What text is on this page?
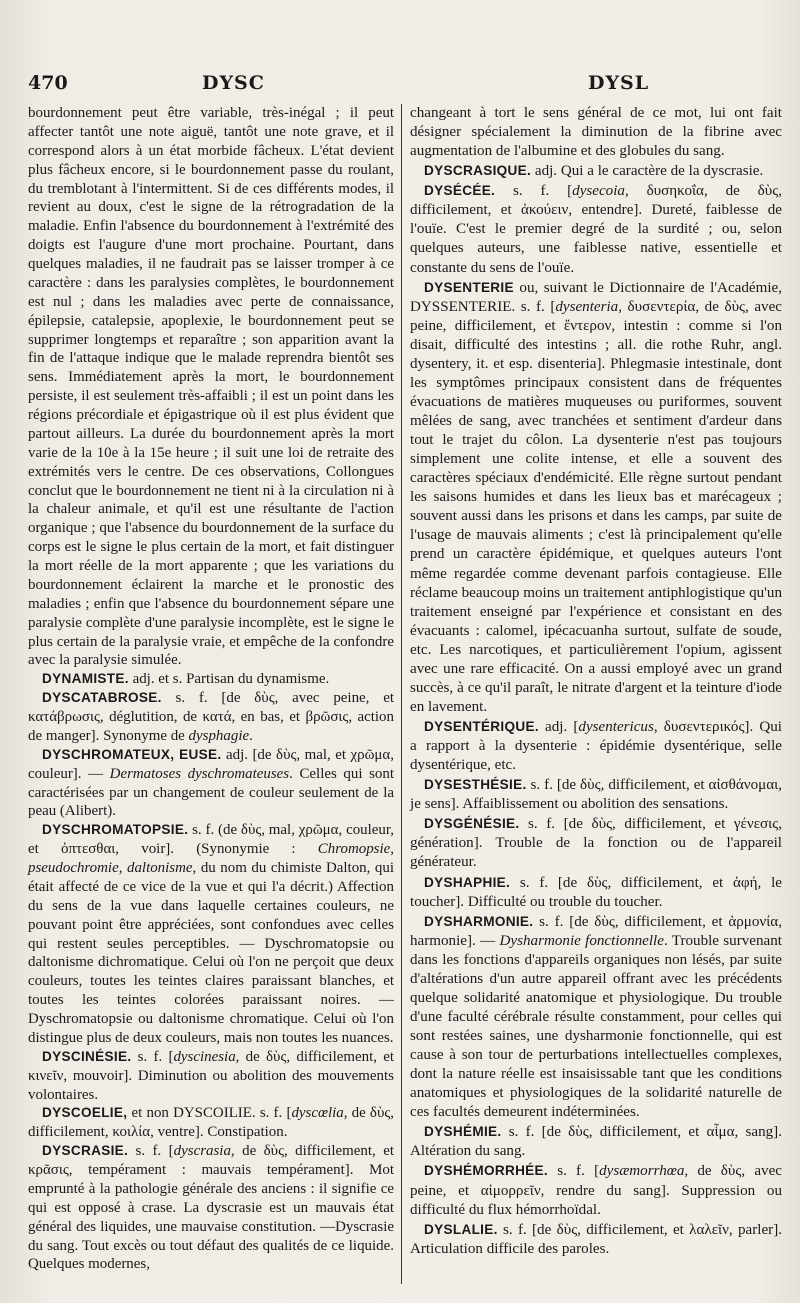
470	DYSC	DYSL

bourdonnement peut être variable, très-inégal ; il peut affecter tantôt une note aiguë, tantôt une note grave, et il correspond alors à un état morbide fâcheux. L'état devient plus fâcheux encore, si le bourdonnement passe du roulant, du tremblotant à l'intermittent. Si de ces différents modes, il revient au doux, c'est le signe de la rétrogradation de la maladie. Enfin l'absence du bourdonnement à l'extrémité des doigts est l'augure d'une mort prochaine. Pourtant, dans quelques maladies, il ne faudrait pas se laisser tromper à ce caractère : dans les paralysies complètes, le bourdonnement est nul ; dans les maladies avec perte de connaissance, épilepsie, catalepsie, apoplexie, le bourdonnement peut se supprimer longtemps et reparaître ; son apparition avant la fin de l'attaque indique que le malade reprendra bientôt ses sens. Immédiatement après la mort, le bourdonnement persiste, il est seulement très-affaibli ; il est un point dans les régions précordiale et épigastrique où il est plus évident que partout ailleurs. La durée du bourdonnement après la mort varie de la 10e à la 15e heure ; il suit une loi de retraite des extrémités vers le centre. De ces observations, Collongues conclut que le bourdonnement ne tient ni à la circulation ni à la chaleur animale, et qu'il est une résultante de l'action organique ; que l'absence du bourdonnement de la surface du corps est le signe le plus certain de la mort, et fait distinguer la mort réelle de la mort apparente ; que les variations du bourdonnement éclairent la marche et le pronostic des maladies ; enfin que l'absence du bourdonnement sépare une paralysie complète d'une paralysie incomplète, est le signe le plus certain de la paralysie vraie, et empêche de la confondre avec la paralysie simulée.

DYNAMISTE. adj. et s. Partisan du dynamisme.

DYSCATABROSE. s. f. [de δὺς, avec peine, et κατάβρωσις, déglutition, de κατά, en bas, et βρῶσις, action de manger]. Synonyme de dysphagie.

DYSCHROMATEUX, EUSE. adj. [de δὺς, mal, et χρῶμα, couleur]. — Dermatoses dyschromateuses. Celles qui sont caractérisées par un changement de couleur seulement de la peau (Alibert).

DYSCHROMATOPSIE. s. f. (de δὺς, mal, χρῶμα, couleur, et ὀπτεσθαι, voir]. (Synonymie : Chromopsie, pseudochromie, daltonisme, du nom du chimiste Dalton, qui était affecté de ce vice de la vue et qui l'a décrit.) Affection du sens de la vue dans laquelle certaines couleurs, ne pouvant point être appréciées, sont confondues avec celles qui restent seules perceptibles. — Dyschromatopsie ou daltonisme dichromatique. Celui où l'on ne perçoit que deux couleurs, toutes les teintes claires paraissant blanches, et toutes les teintes colorées paraissant noires. — Dyschromatopsie ou daltonisme chromatique. Celui où l'on distingue plus de deux couleurs, mais non toutes les nuances.

DYSCINÉSIE. s. f. [dyscinesia, de δὺς, difficilement, et κινεῖν, mouvoir]. Diminution ou abolition des mouvements volontaires.

DYSCOELIE, et non DYSCOILIE. s. f. [dyscœlia, de δὺς, difficilement, κοιλία, ventre]. Constipation.

DYSCRASIE. s. f. [dyscrasia, de δὺς, difficilement, et κρᾶσις, tempérament : mauvais tempérament]. Mot emprunté à la pathologie générale des anciens : il signifie ce qui est opposé à crase. La dyscrasie est un mauvais état général des liquides, une mauvaise constitution. —Dyscrasie du sang. Tout excès ou tout défaut des qualités de ce liquide. Quelques modernes,

changeant à tort le sens général de ce mot, lui ont fait désigner spécialement la diminution de la fibrine avec augmentation de l'albumine et des globules du sang.

DYSCRASIQUE. adj. Qui a le caractère de la dyscrasie.

DYSÉCÉE. s. f. [dysecoia, δυσηκοΐα, de δὺς, difficilement, et ἀκούειν, entendre]. Dureté, faiblesse de l'ouïe. C'est le premier degré de la surdité ; ou, selon quelques auteurs, une faiblesse native, essentielle et constante du sens de l'ouïe.

DYSENTERIE ou, suivant le Dictionnaire de l'Académie, DYSSENTERIE. s. f. [dysenteria, δυσεντερία, de δὺς, avec peine, difficilement, et ἔντερον, intestin : comme si l'on disait, difficulté des intestins ; all. die rothe Ruhr, angl. dysentery, it. et esp. disenteria]. Phlegmasie intestinale, dont les symptômes principaux consistent dans de fréquentes évacuations de matières muqueuses ou puriformes, souvent mêlées de sang, avec tranchées et sentiment d'ardeur dans tout le trajet du côlon. La dysenterie n'est pas toujours simplement une colite intense, et elle a souvent des caractères spéciaux d'endémicité. Elle règne surtout pendant les saisons humides et dans les lieux bas et marécageux ; souvent aussi dans les prisons et dans les camps, par suite de l'usage de mauvais aliments ; c'est là principalement qu'elle prend un caractère épidémique, et quelques auteurs l'ont même regardée comme devenant parfois contagieuse. Elle réclame beaucoup moins un traitement antiphlogistique qu'un traitement enseigné par l'expérience et consistant en des évacuants : calomel, ipécacuanha surtout, sulfate de soude, etc. Les narcotiques, et particulièrement l'opium, agissent avec une rare efficacité. On a aussi employé avec un grand succès, à ce qu'il paraît, le nitrate d'argent et la teinture d'iode en lavement.

DYSENTÉRIQUE. adj. [dysentericus, δυσεντερικός]. Qui a rapport à la dysenterie : épidémie dysentérique, selle dysentérique, etc.

DYSESTHÉSIE. s. f. [de δὺς, difficilement, et αἰσθάνομαι, je sens]. Affaiblissement ou abolition des sensations.

DYSGÉNÉSIE. s. f. [de δὺς, difficilement, et γένεσις, génération]. Trouble de la fonction ou de l'appareil générateur.

DYSHAPHIE. s. f. [de δὺς, difficilement, et ἁφή, le toucher]. Difficulté ou trouble du toucher.

DYSHARMONIE. s. f. [de δὺς, difficilement, et ἁρμονία, harmonie]. — Dysharmonie fonctionnelle. Trouble survenant dans les fonctions d'appareils organiques non lésés, par suite d'altérations d'un autre appareil offrant avec les précédents quelque solidarité anatomique et physiologique. Du trouble d'une faculté cérébrale résulte constamment, pour celles qui sont restées saines, une dysharmonie fonctionnelle, qui est cause à son tour de perturbations intellectuelles complexes, dont la nature réelle est insaisissable tant que les conditions anatomiques et physiologiques de la solidarité naturelle de ces facultés demeurent indéterminées.

DYSHÉMIE. s. f. [de δὺς, difficilement, et αἷμα, sang]. Altération du sang.

DYSHÉMORRHÉE. s. f. [dysæmorrhœa, de δὺς, avec peine, et αἱμορρεῖν, rendre du sang]. Suppression ou difficulté du flux hémorrhoïdal.

DYSLALIE. s. f. [de δὺς, difficilement, et λαλεῖν, parler]. Articulation difficile des paroles.
